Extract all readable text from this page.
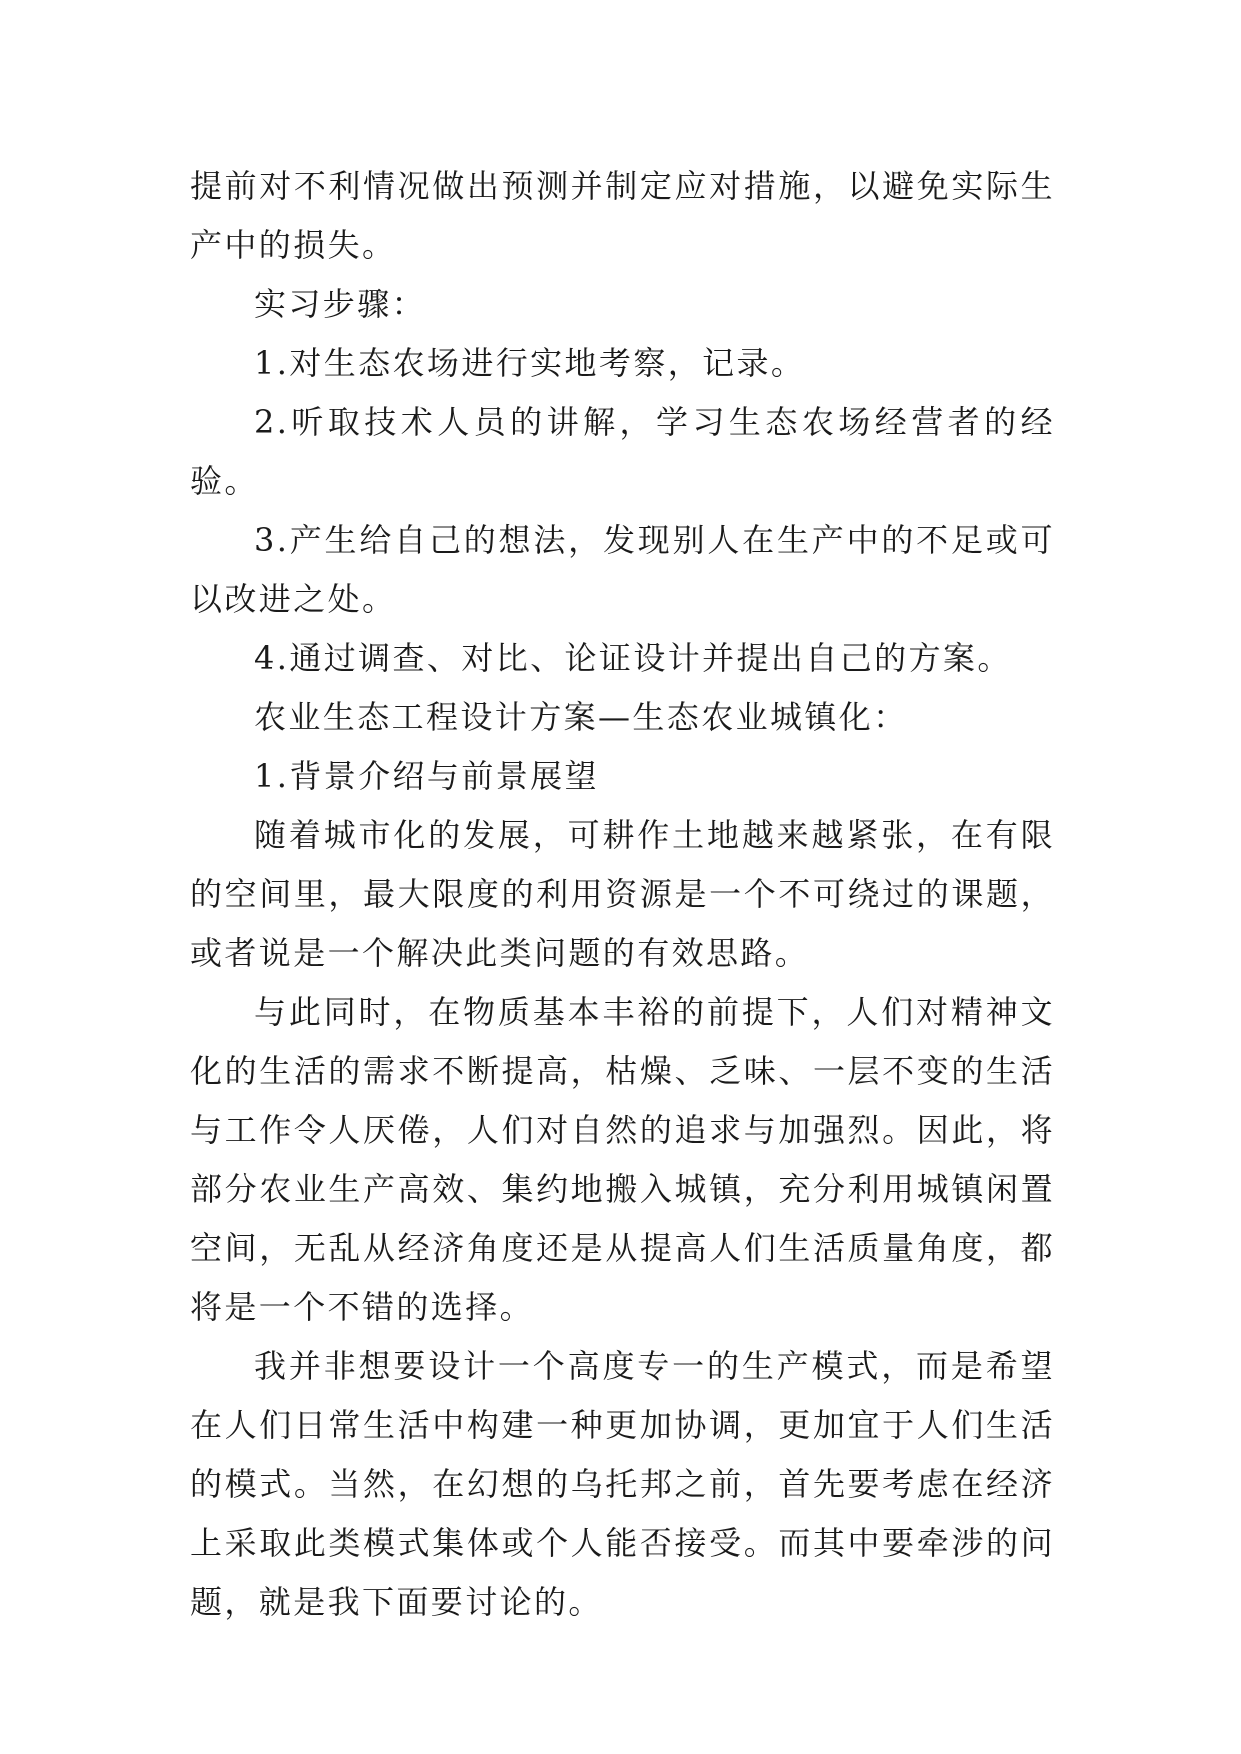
提前对不利情况做出预测并制定应对措施，以避免实际生产中的损失。

实习步骤：

1.对生态农场进行实地考察，记录。

2.听取技术人员的讲解，学习生态农场经营者的经验。

3.产生给自己的想法，发现别人在生产中的不足或可以改进之处。

4.通过调查、对比、论证设计并提出自己的方案。

农业生态工程设计方案—生态农业城镇化：

1.背景介绍与前景展望

随着城市化的发展，可耕作土地越来越紧张，在有限的空间里，最大限度的利用资源是一个不可绕过的课题，或者说是一个解决此类问题的有效思路。

与此同时，在物质基本丰裕的前提下，人们对精神文化的生活的需求不断提高，枯燥、乏味、一层不变的生活与工作令人厌倦，人们对自然的追求与加强烈。因此，将部分农业生产高效、集约地搬入城镇，充分利用城镇闲置空间，无乱从经济角度还是从提高人们生活质量角度，都将是一个不错的选择。

我并非想要设计一个高度专一的生产模式，而是希望在人们日常生活中构建一种更加协调，更加宜于人们生活的模式。当然，在幻想的乌托邦之前，首先要考虑在经济上采取此类模式集体或个人能否接受。而其中要牵涉的问题，就是我下面要讨论的。
